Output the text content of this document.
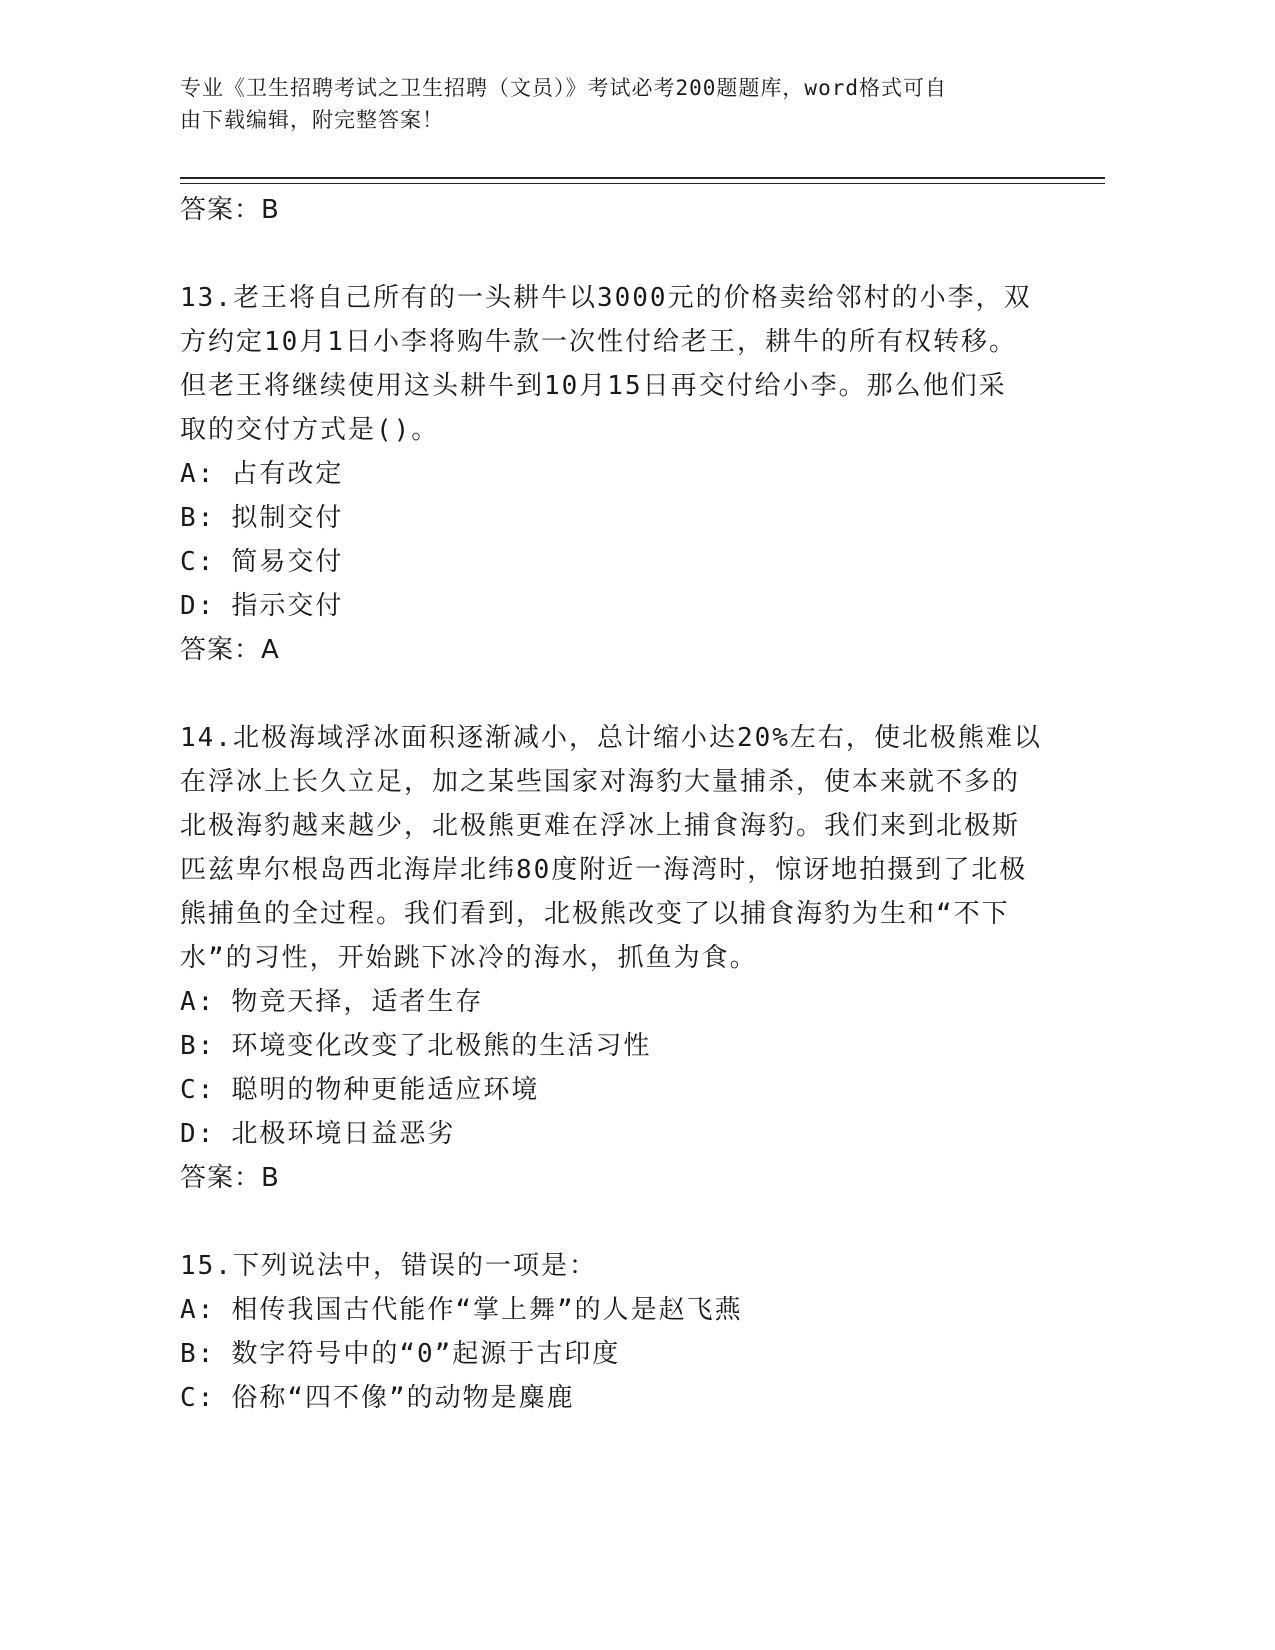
专业《卫生招聘考试之卫生招聘（文员）》考试必考200题题库，word格式可自
由下载编辑，附完整答案！
答案：B
13.老王将自己所有的一头耕牛以3000元的价格卖给邻村的小李，双
方约定10月1日小李将购牛款一次性付给老王，耕牛的所有权转移。
但老王将继续使用这头耕牛到10月15日再交付给小李。那么他们采
取的交付方式是()。
A: 占有改定
B: 拟制交付
C: 简易交付
D: 指示交付
答案：A
14.北极海域浮冰面积逐渐减小，总计缩小达20%左右，使北极熊难以
在浮冰上长久立足，加之某些国家对海豹大量捕杀，使本来就不多的
北极海豹越来越少，北极熊更难在浮冰上捕食海豹。我们来到北极斯
匹兹卑尔根岛西北海岸北纬80度附近一海湾时，惊讶地拍摄到了北极
熊捕鱼的全过程。我们看到，北极熊改变了以捕食海豹为生和“不下
水”的习性，开始跳下冰冷的海水，抓鱼为食。
A: 物竞天择，适者生存
B: 环境变化改变了北极熊的生活习性
C: 聪明的物种更能适应环境
D: 北极环境日益恶劣
答案：B
15.下列说法中，错误的一项是：
A: 相传我国古代能作“掌上舞”的人是赵飞燕
B: 数字符号中的“0”起源于古印度
C: 俗称“四不像”的动物是麋鹿
